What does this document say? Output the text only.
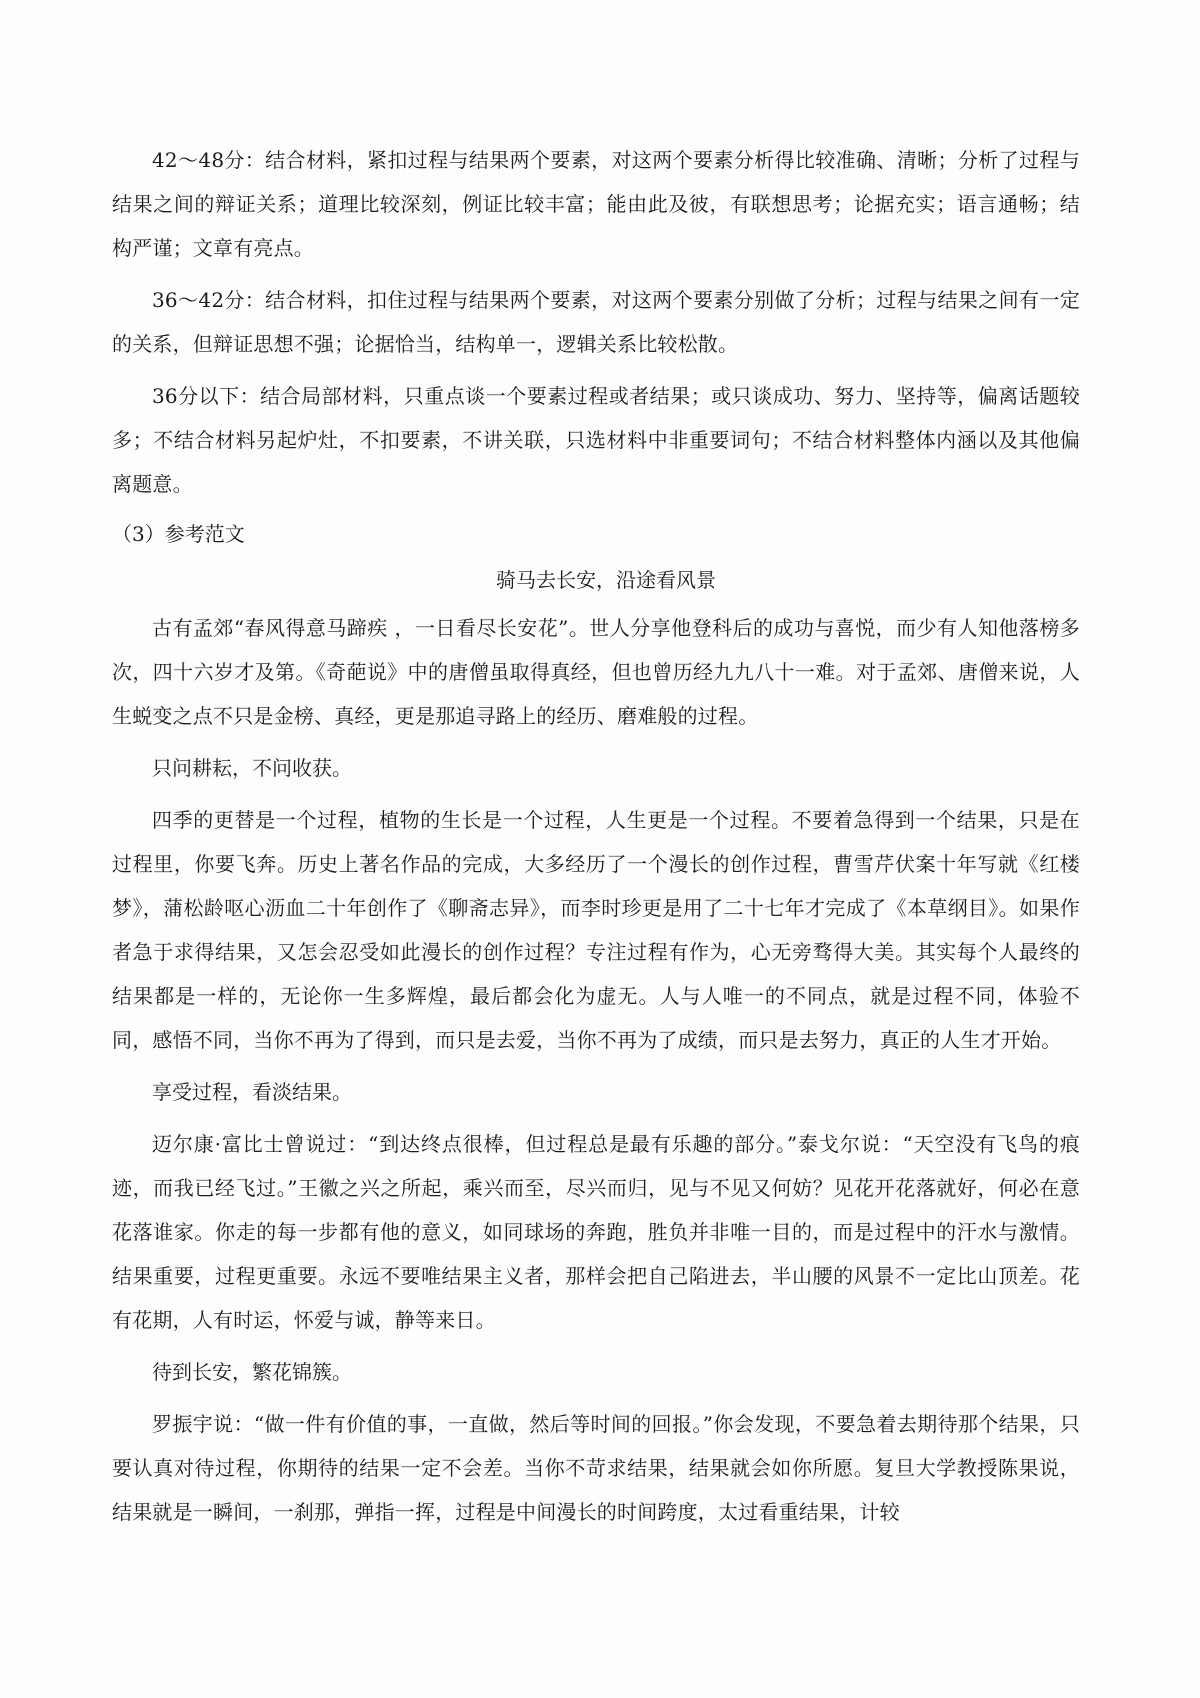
42～48分：结合材料，紧扣过程与结果两个要素，对这两个要素分析得比较准确、清晰；分析了过程与结果之间的辩证关系；道理比较深刻，例证比较丰富；能由此及彼，有联想思考；论据充实；语言通畅；结构严谨；文章有亮点。

36～42分：结合材料，扣住过程与结果两个要素，对这两个要素分别做了分析；过程与结果之间有一定的关系，但辩证思想不强；论据恰当，结构单一，逻辑关系比较松散。

36分以下：结合局部材料，只重点谈一个要素过程或者结果；或只谈成功、努力、坚持等，偏离话题较多；不结合材料另起炉灶，不扣要素，不讲关联，只选材料中非重要词句；不结合材料整体内涵以及其他偏离题意。

（3）参考范文

骑马去长安，沿途看风景

古有孟郊“春风得意马蹄疾 ，一日看尽长安花”。世人分享他登科后的成功与喜悦，而少有人知他落榜多次，四十六岁才及第。《奇葩说》中的唐僧虽取得真经，但也曾历经九九八十一难。对于孟郊、唐僧来说，人生蜕变之点不只是金榜、真经，更是那追寻路上的经历、磨难般的过程。

只问耕耘，不问收获。

四季的更替是一个过程，植物的生长是一个过程，人生更是一个过程。不要着急得到一个结果，只是在过程里，你要飞奔。历史上著名作品的完成，大多经历了一个漫长的创作过程，曹雪芹伏案十年写就《红楼梦》，蒲松龄呕心沥血二十年创作了《聊斋志异》，而李时珍更是用了二十七年才完成了《本草纲目》。如果作者急于求得结果，又怎会忍受如此漫长的创作过程？专注过程有作为，心无旁骛得大美。其实每个人最终的结果都是一样的，无论你一生多辉煌，最后都会化为虚无。人与人唯一的不同点，就是过程不同，体验不同，感悟不同，当你不再为了得到，而只是去爱，当你不再为了成绩，而只是去努力，真正的人生才开始。

享受过程，看淡结果。

迈尔康·富比士曾说过：“到达终点很棒，但过程总是最有乐趣的部分。”泰戈尔说：“天空没有飞鸟的痕迹，而我已经飞过。”王徽之兴之所起，乘兴而至，尽兴而归，见与不见又何妨？见花开花落就好，何必在意花落谁家。你走的每一步都有他的意义，如同球场的奔跑，胜负并非唯一目的，而是过程中的汗水与激情。结果重要，过程更重要。永远不要唯结果主义者，那样会把自己陷进去，半山腰的风景不一定比山顶差。花有花期，人有时运，怀爱与诚，静等来日。

待到长安，繁花锦簇。

罗振宇说：“做一件有价值的事，一直做，然后等时间的回报。”你会发现，不要急着去期待那个结果，只要认真对待过程，你期待的结果一定不会差。当你不苛求结果，结果就会如你所愿。复旦大学教授陈果说，结果就是一瞬间，一刹那，弹指一挥，过程是中间漫长的时间跨度，太过看重结果，计较
